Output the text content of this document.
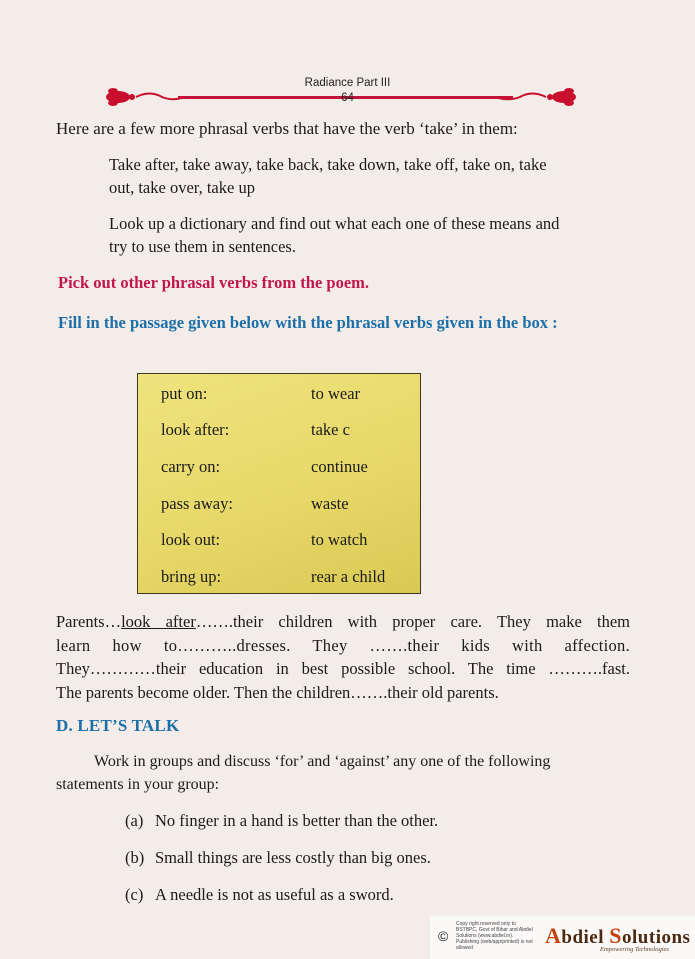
Radiance Part III
64
Here are a few more phrasal verbs that have the verb ‘take’ in them:
Take after, take away, take back, take down, take off, take on, take
out, take over, take up
Look up a dictionary and find out what each one of these means and
try to use them in sentences.
Pick out other phrasal verbs from the poem.
Fill in the passage given below with the phrasal verbs given in the box :
put on:	to wear
look after:	take c
carry on:	continue
pass away:	waste
look out:	to watch
bring up:	rear a child
Parents…look after…….their children with proper care. They make them
learn how to………..dresses. They …….their kids with affection.
They…………their education in best possible school. The time ……….fast.
The parents become older. Then the children…….their old parents.
D. LET’S TALK
Work in groups and discuss ‘for’ and ‘against’ any one of the following
statements in your group:
(a) No finger in a hand is better than the other.
(b) Small things are less costly than big ones.
(c) A needle is not as useful as a sword.
Copy right reserved only to BSTBPC, Govt of Bihar and Abdiel Solutions (www.abdiel.in). Publishing (web/app/printed) is not allowed
©	Abdiel Solutions
Empowering Technologies
